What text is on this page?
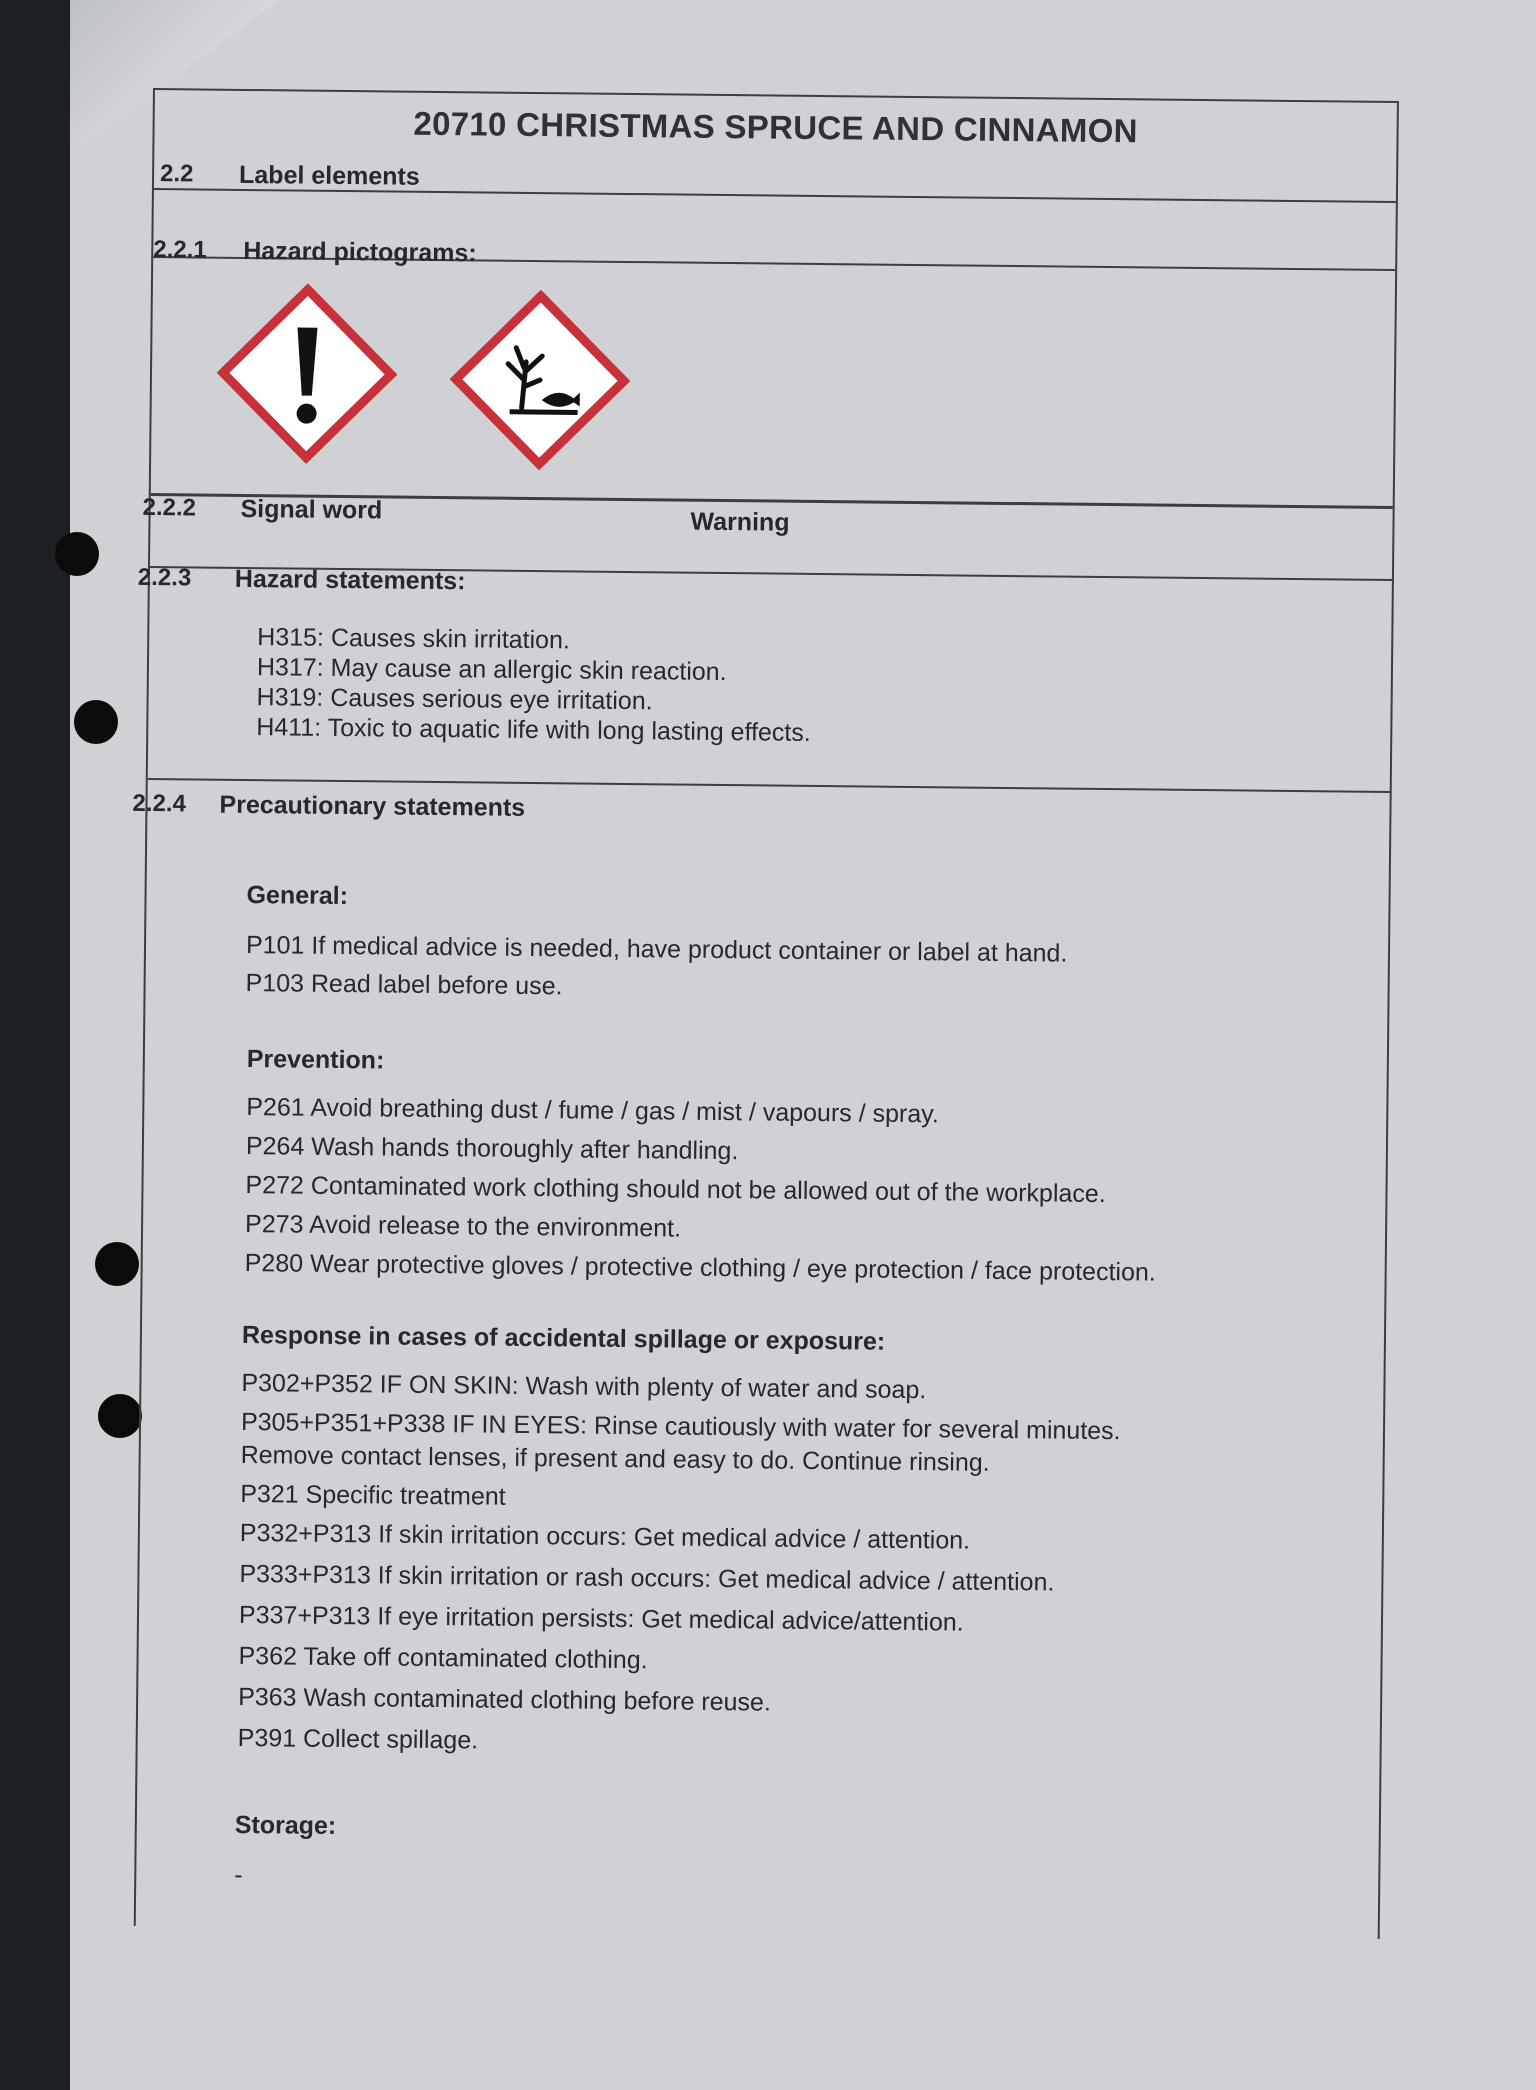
20710 CHRISTMAS SPRUCE AND CINNAMON
2.2 Label elements
2.2.1 Hazard pictograms:
2.2.2 Signal word	Warning
2.2.3 Hazard statements:
H315: Causes skin irritation.
H317: May cause an allergic skin reaction.
H319: Causes serious eye irritation.
H411: Toxic to aquatic life with long lasting effects.
2.2.4 Precautionary statements
General:
P101 If medical advice is needed, have product container or label at hand.
P103 Read label before use.
Prevention:
P261 Avoid breathing dust / fume / gas / mist / vapours / spray.
P264 Wash hands thoroughly after handling.
P272 Contaminated work clothing should not be allowed out of the workplace.
P273 Avoid release to the environment.
P280 Wear protective gloves / protective clothing / eye protection / face protection.
Response in cases of accidental spillage or exposure:
P302+P352 IF ON SKIN: Wash with plenty of water and soap.
P305+P351+P338 IF IN EYES: Rinse cautiously with water for several minutes.
Remove contact lenses, if present and easy to do. Continue rinsing.
P321 Specific treatment
P332+P313 If skin irritation occurs: Get medical advice / attention.
P333+P313 If skin irritation or rash occurs: Get medical advice / attention.
P337+P313 If eye irritation persists: Get medical advice/attention.
P362 Take off contaminated clothing.
P363 Wash contaminated clothing before reuse.
P391 Collect spillage.
Storage:
-
